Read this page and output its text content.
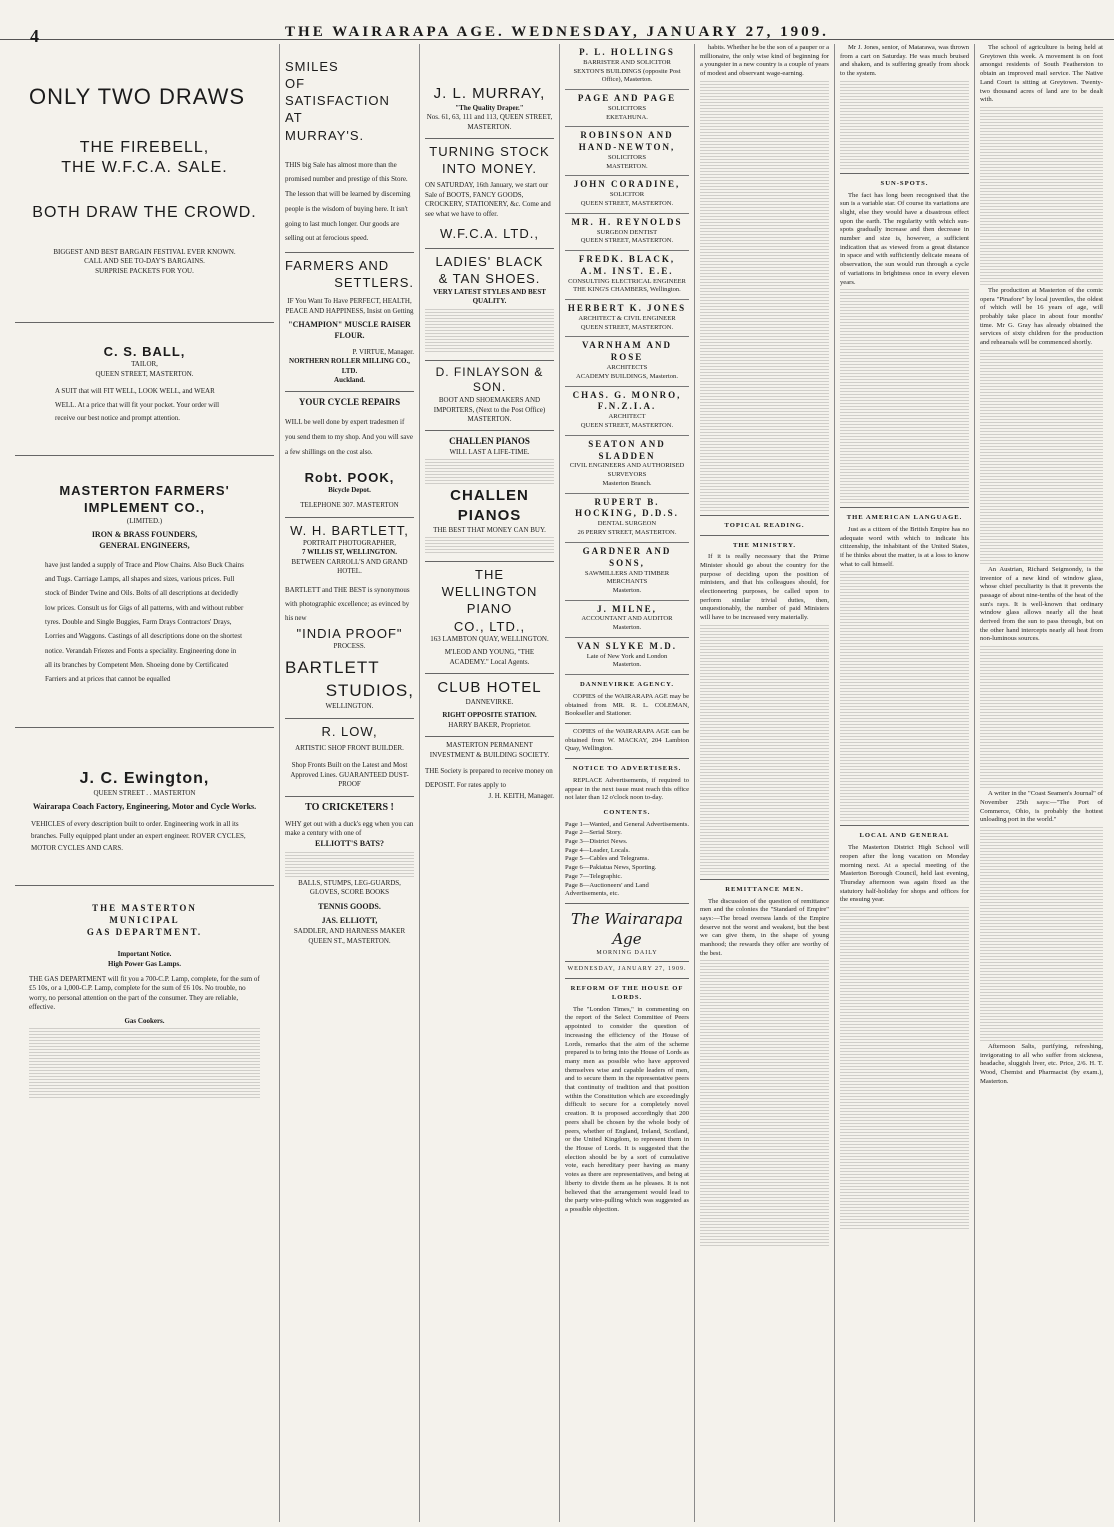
4	THE WAIRARAPA AGE. WEDNESDAY, JANUARY 27, 1909.
ONLY TWO DRAWS
THE FIREBELL,
THE W.F.C.A. SALE.
BOTH DRAW THE CROWD.
BIGGEST AND BEST BARGAIN FESTIVAL EVER KNOWN.
CALL AND SEE TO-DAY'S BARGAINS.
SURPRISE PACKETS FOR YOU.
C. S. BALL,
TAILOR,
QUEEN STREET, MASTERTON.
A SUIT that will FIT WELL, LOOK WELL, and WEAR WELL. At a price that will fit your pocket. Your order will receive our best notice and prompt attention.
MASTERTON FARMERS' IMPLEMENT CO.,
(LIMITED.)
IRON & BRASS FOUNDERS,
GENERAL ENGINEERS,
have just landed a supply of Trace and Plow Chains. Also Buck Chains and Tugs. Carriage Lamps, all shapes and sizes, various prices. Full stock of Binder Twine and Oils. Bolts of all descriptions at decidedly low prices. Consult us for Gigs of all patterns, with and without rubber tyres. Double and Single Buggies, Farm Drays Contractors' Drays, Lorries and Waggons. Castings of all descriptions done on the shortest notice. Verandah Friezes and Fonts a speciality. Engineering done in all its branches by Competent Men. Shoeing done by Certificated Farriers and at prices that cannot be equalled
J. C. Ewington,
QUEEN STREET . . MASTERTON
Wairarapa Coach Factory, Engineering, Motor and Cycle Works.
VEHICLES of every description built to order. Engineering work in all its branches. Fully equipped plant under an expert engineer. ROVER CYCLES, MOTOR CYCLES AND CARS.
THE MASTERTON
MUNICIPAL
GAS DEPARTMENT.
Important Notice.
High Power Gas Lamps.
THE GAS DEPARTMENT will fit you a 700-C.P. Lamp, complete, for the sum of £5 10s, or a 1,000-C.P. Lamp, complete for the sum of £6 10s. No trouble, no worry, no personal attention on the part of the consumer. They are reliable, effective.
Gas Cookers.
SMILES
OF
SATISFACTION
AT
MURRAY'S.
THIS big Sale has almost more than the promised number and prestige of this Store. The lesson that will be learned by discerning people is the wisdom of buying here. It isn't going to last much longer. Our goods are selling out at ferocious speed.
FARMERS AND
SETTLERS.
IF You Want To Have PERFECT, HEALTH, PEACE AND HAPPINESS, Insist on Getting
"CHAMPION" MUSCLE RAISER FLOUR.
P. VIRTUE, Manager.
NORTHERN ROLLER MILLING CO., LTD.
Auckland.
YOUR CYCLE REPAIRS
WILL be well done by expert tradesmen if you send them to my shop. And you will save a few shillings on the cost also.
Robt. POOK,
Bicycle Depot.
TELEPHONE 307. MASTERTON
W. H. BARTLETT,
PORTRAIT PHOTOGRAPHER,
7 WILLIS ST, WELLINGTON.
BETWEEN CARROLL'S AND GRAND HOTEL.
BARTLETT and THE BEST is synonymous with photographic excellence; as evinced by his new
"INDIA PROOF"
PROCESS.
BARTLETT
STUDIOS,
WELLINGTON.
R. LOW,
ARTISTIC SHOP FRONT BUILDER.
Shop Fronts Built on the Latest and Most Approved Lines. GUARANTEED DUST-PROOF
TO CRICKETERS !
WHY get out with a duck's egg when you can make a century with one of
ELLIOTT'S BATS?
BALLS, STUMPS, LEG-GUARDS, GLOVES, SCORE BOOKS
TENNIS GOODS.
JAS. ELLIOTT,
SADDLER, AND HARNESS MAKER QUEEN ST., MASTERTON.
J. L. MURRAY,
"The Quality Draper."
Nos. 61, 63, 111 and 113, QUEEN STREET, MASTERTON.
TURNING STOCK INTO MONEY.
ON SATURDAY, 16th January, we start our Sale of BOOTS, FANCY GOODS, CROCKERY, STATIONERY, &c. Come and see what we have to offer.
W.F.C.A. LTD.,
LADIES' BLACK
& TAN SHOES.
VERY LATEST STYLES AND BEST QUALITY.
D. FINLAYSON & SON.
BOOT AND SHOEMAKERS AND IMPORTERS, (Next to the Post Office) MASTERTON.
CHALLEN PIANOS
WILL LAST A LIFE-TIME.
CHALLEN PIANOS
THE BEST THAT MONEY CAN BUY.
THE
WELLINGTON PIANO
CO., LTD.,
163 LAMBTON QUAY, WELLINGTON.
M'LEOD AND YOUNG, "THE ACADEMY." Local Agents.
CLUB HOTEL
DANNEVIRKE.
RIGHT OPPOSITE STATION.
HARRY BAKER, Proprietor.
MASTERTON PERMANENT INVESTMENT & BUILDING SOCIETY.
THE Society is prepared to receive money on DEPOSIT. For rates apply to
J. H. KEITH, Manager.
P. L. HOLLINGS
BARRISTER AND SOLICITOR
SEXTON'S BUILDINGS (opposite Post Office), Masterton.
PAGE AND PAGE
SOLICITORS
EKETAHUNA.
ROBINSON AND HAND-NEWTON,
SOLICITORS
MASTERTON.
JOHN CORADINE,
SOLICITOR
QUEEN STREET, MASTERTON.
MR. H. REYNOLDS
SURGEON DENTIST
QUEEN STREET, MASTERTON.
FREDK. BLACK, A.M. INST. E.E.
CONSULTING ELECTRICAL ENGINEER
THE KING'S CHAMBERS, Wellington.
HERBERT K. JONES
ARCHITECT & CIVIL ENGINEER
QUEEN STREET, MASTERTON.
VARNHAM AND ROSE
ARCHITECTS
ACADEMY BUILDINGS, Masterton.
CHAS. G. MONRO, F.N.Z.I.A.
ARCHITECT
QUEEN STREET, MASTERTON.
SEATON AND SLADDEN
CIVIL ENGINEERS AND AUTHORISED SURVEYORS
Masterton Branch.
RUPERT B. HOCKING, D.D.S.
DENTAL SURGEON
26 PERRY STREET, MASTERTON.
GARDNER AND SONS,
SAWMILLERS AND TIMBER MERCHANTS
Masterton.
J. MILNE,
ACCOUNTANT AND AUDITOR
Masterton.
VAN SLYKE M.D.
Late of New York and London
Masterton.
DANNEVIRKE AGENCY.

COPIES of the WAIRARAPA AGE may be obtained from MR. R. L. COLEMAN, Bookseller and Stationer.

COPIES of the WAIRARAPA AGE can be obtained from W. MACKAY, 204 Lambton Quay, Wellington.

NOTICE TO ADVERTISERS.

REPLACE Advertisements, if required to appear in the next issue must reach this office not later than 12 o'clock noon to-day.

CONTENTS.
Page 1—Wanted, and General Advertisements.
Page 2—Serial Story.
Page 3—District News.
Page 4—Leader, Locals.
Page 5—Cables and Telegrams.
Page 6—Pakiatua News, Sporting.
Page 7—Telegraphic.
Page 8—Auctioneers' and Land Advertisements, etc.
The Wairarapa Age
MORNING DAILY
WEDNESDAY, JANUARY 27, 1909.
REFORM OF THE HOUSE OF LORDS.

The "London Times," in commenting on the report of the Select Committee of Peers appointed to consider the question of increasing the efficiency of the House of Lords, remarks that the aim of the scheme prepared is to bring into the House of Lords as many men as possible who have approved themselves wise and capable leaders of men, and to secure them in the representative peers that continuity of tradition and that position within the Constitution which are exceedingly difficult to secure for a completely novel creation. It is proposed accordingly that 200 peers shall be chosen by the whole body of peers, whether of England, Ireland, Scotland, or the United Kingdom, to represent them in the House of Lords. It is suggested that the election should be by a sort of cumulative vote, each hereditary peer having as many votes as there are representatives, and being at liberty to divide them as he pleases. It is not believed that the arrangement would lead to the party wire-pulling which was suggested as a possible objection.

habits. Whether he be the son of a pauper or a millionaire, the only wise kind of beginning for a youngster in a new country is a couple of years of modest and observant wage-earning.

TOPICAL READING.
THE MINISTRY.

If it is really necessary that the Prime Minister should go about the country for the purpose of deciding upon the position of ministers, and that his colleagues should, for electioneering purposes, be called upon to perform similar trivial duties, then, unquestionably, the number of paid Ministers will have to be increased very materially.

REMITTANCE MEN.

The discussion of the question of remittance men and the colonies the "Standard of Empire" says:—The broad oversea lands of the Empire deserve not the worst and weakest, but the best we can give them, in the shape of young manhood; the rewards they offer are worthy of the best.

Mr J. Jones, senior, of Matarawa, was thrown from a cart on Saturday. He was much bruised and shaken, and is suffering greatly from shock to the system.

SUN-SPOTS.

The fact has long been recognised that the sun is a variable star. Of course its variations are slight, else they would have a disastrous effect upon the earth. The regularity with which sun-spots gradually increase and then decrease in number and size is, however, a sufficient indication that as viewed from a great distance in space and with sufficiently delicate means of observation, the sun would run through a cycle of variations in brightness once in every eleven years.

THE AMERICAN LANGUAGE.

Just as a citizen of the British Empire has no adequate word with which to indicate his citizenship, the inhabitant of the United States, if he thinks about the matter, is at a loss to know what to call himself.

LOCAL AND GENERAL

The Masterton District High School will reopen after the long vacation on Monday morning next. At a special meeting of the Masterton Borough Council, held last evening, Thursday afternoon was again fixed as the statutory half-holiday for shops and offices for the ensuing year.

The school of agriculture is being held at Greytown this week. A movement is on foot amongst residents of South Featherston to obtain an improved mail service. The Native Land Court is sitting at Greytown. Twenty-two thousand acres of land are to be dealt with.

The production at Masterton of the comic opera "Pinafore" by local juveniles, the oldest of which will be 16 years of age, will probably take place in about four months' time. Mr G. Gray has already obtained the services of sixty children for the production and rehearsals will be commenced shortly.

An Austrian, Richard Seigmondy, is the inventor of a new kind of window glass, whose chief peculiarity is that it prevents the passage of about nine-tenths of the heat of the sun's rays. It is well-known that ordinary window glass allows nearly all the heat derived from the sun to pass through, but on the other hand intercepts nearly all heat from non-luminous sources.

A writer in the "Coast Seamen's Journal" of November 25th says:—"The Port of Commerce, Ohio, is probably the hottest unloading port in the world."

Afternoon Salts, purifying, refreshing, invigorating to all who suffer from sickness, headache, sluggish liver, etc. Price, 2/6. H. T. Wood, Chemist and Pharmacist (by exam.), Masterton.
